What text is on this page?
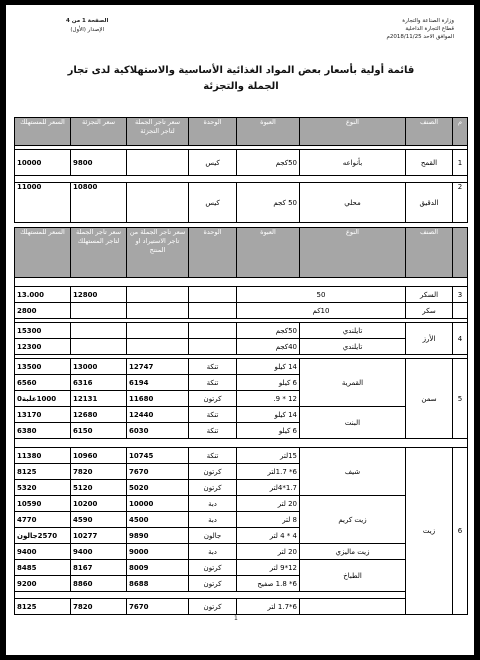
وزارة الصناعة والتجارة
قطاع التجارة الداخلية
الموافق الاحد 2018/11/25م
الصفحة 1 من 4
الإصدار (الأول)
قائمة أولية بأسعار بعض المواد الغذائية الأساسية والاستهلاكية لدى تجار
الجملة والتجزئة
م	الصنف	النوع	العبوة	الوحدة	سعر تاجر الجملة لتاجر التجزئة	سعر التجزئة	السعر للمستهلك

1	القمح	بأنواعه	50كجم	كيس		9800	10000

2	الدقيق	محلي	50 كجم	كيس		10800	11000
	الصنف	النوع	العبوة	الوحدة	سعر تاجر الجملة من تاجر الاستيراد او المنتج	سعر تاجر الجملة لتاجر المستهلك	السعر للمستهلك

3	السكر	50				12800	13.000
	سكر	10كم					2800

4	الأرز	تايلندي	50كجم				15300
		تايلندي	40كجم				12300

5	سمن	القمرية	14 كيلو	تنكة	12747	13000	13500
			6 كيلو	تنكة	6194	6316	6560
			12 * 9.	كرتون	11680	12131	1000علبة0
		البنت	14 كيلو	تنكة	12440	12680	13170
			6 كيلو	تنكة	6030	6150	6380

6	زيت	شيف	15لتر	تنكة	10745	10960	11380
			6* 1.7لتر	كرتون	7670	7820	8125
			1.7*4لتر	كرتون	5020	5120	5320
		زيت كريم	20 لتر	دبة	10000	10200	10590
			8 لتر	دبة	4500	4590	4770
			4 * 4 لتر	جالون	9890	10277	2570جالون
		زيت ماليزي	20 لتر	دبة	9000	9400	9400
		الطباخ	12*9 لتر	كرتون	8009	8167	8485
			6* 1.8 صفيح	كرتون	8688	8860	9200

			6*1.7 لتر	كرتون	7670	7820	8125
1
